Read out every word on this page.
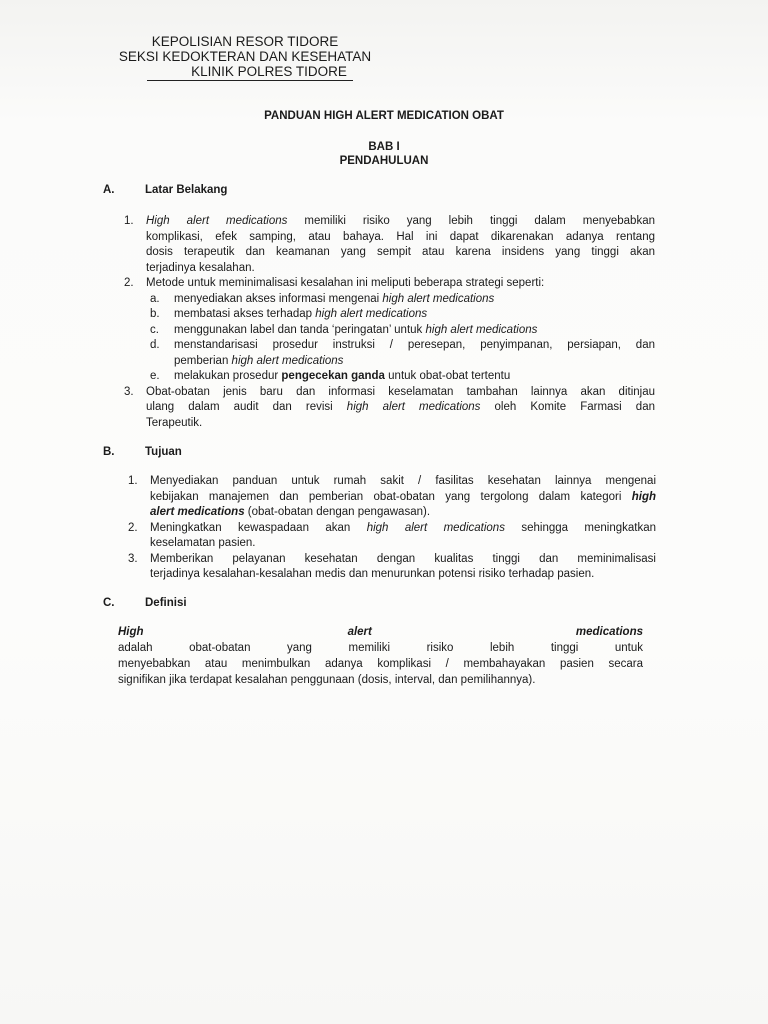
KEPOLISIAN RESOR TIDORE
SEKSI KEDOKTERAN DAN KESEHATAN
KLINIK POLRES TIDORE
PANDUAN HIGH ALERT MEDICATION OBAT
BAB I
PENDAHULUAN
A.	Latar Belakang
1. High alert medications memiliki risiko yang lebih tinggi dalam menyebabkan
komplikasi, efek samping, atau bahaya. Hal ini dapat dikarenakan adanya rentang
dosis terapeutik dan keamanan yang sempit atau karena insidens yang tinggi akan
terjadinya kesalahan.
2. Metode untuk meminimalisasi kesalahan ini meliputi beberapa strategi seperti:
a. menyediakan akses informasi mengenai high alert medications
b. membatasi akses terhadap high alert medications
c. menggunakan label dan tanda ‘peringatan’ untuk high alert medications
d. menstandarisasi prosedur instruksi / peresepan, penyimpanan, persiapan, dan
pemberian high alert medications
e. melakukan prosedur pengecekan ganda untuk obat-obat tertentu
3. Obat-obatan jenis baru dan informasi keselamatan tambahan lainnya akan ditinjau
ulang dalam audit dan revisi high alert medications oleh Komite Farmasi dan
Terapeutik.
B.	Tujuan
1. Menyediakan panduan untuk rumah sakit / fasilitas kesehatan lainnya mengenai
kebijakan manajemen dan pemberian obat-obatan yang tergolong dalam kategori high
alert medications (obat-obatan dengan pengawasan).
2. Meningkatkan kewaspadaan akan high alert medications sehingga meningkatkan
keselamatan pasien.
3. Memberikan pelayanan kesehatan dengan kualitas tinggi dan meminimalisasi
terjadinya kesalahan-kesalahan medis dan menurunkan potensi risiko terhadap pasien.
C.	Definisi
High alert medications
adalah obat-obatan yang memiliki risiko lebih tinggi untuk
menyebabkan atau menimbulkan adanya komplikasi / membahayakan pasien secara
signifikan jika terdapat kesalahan penggunaan (dosis, interval, dan pemilihannya).
